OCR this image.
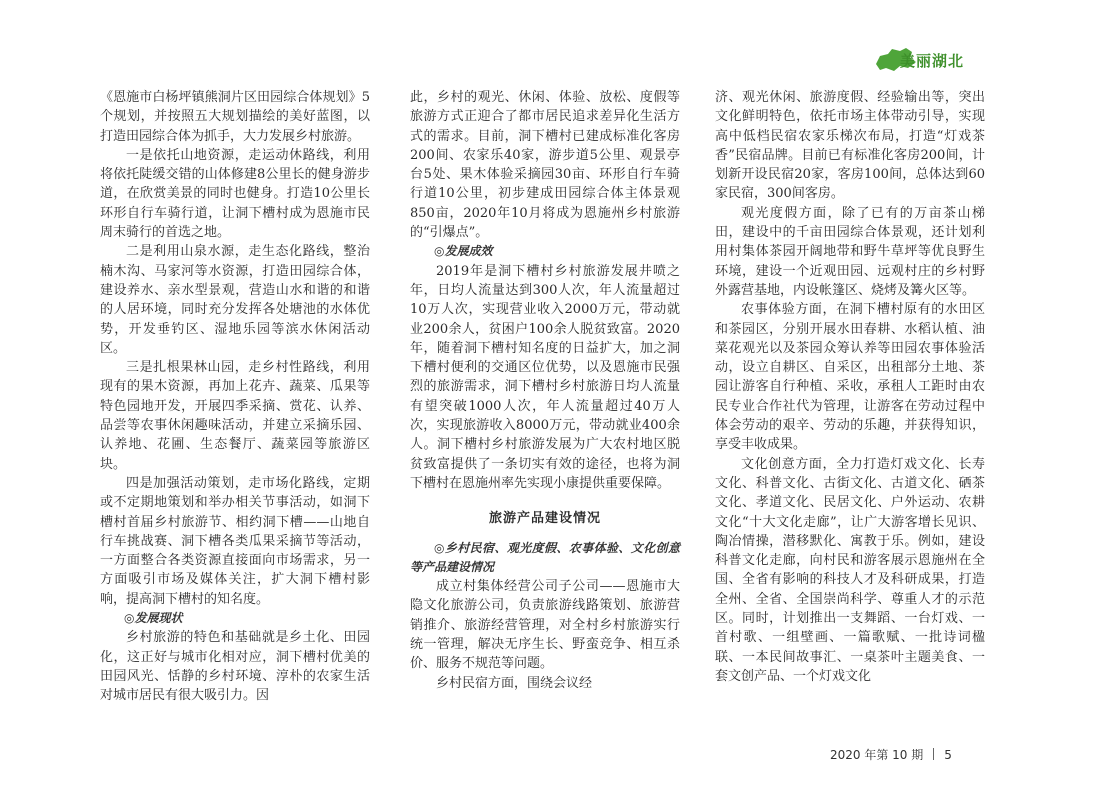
美丽湖北

《恩施市白杨坪镇熊洞片区田园综合体规划》5个规划，并按照五大规划描绘的美好蓝图，以打造田园综合体为抓手，大力发展乡村旅游。

一是依托山地资源，走运动休路线，利用将依托陡缓交错的山体修建8公里长的健身游步道，在欣赏美景的同时也健身。打造10公里长环形自行车骑行道，让洞下槽村成为恩施市民周末骑行的首选之地。

二是利用山泉水源，走生态化路线，整治楠木沟、马家河等水资源，打造田园综合体，建设养水、亲水型景观，营造山水和谐的和谐的人居环境，同时充分发挥各处塘池的水体优势，开发垂钓区、湿地乐园等滨水休闲活动区。

三是扎根果林山园，走乡村性路线，利用现有的果木资源，再加上花卉、蔬菜、瓜果等特色园地开发，开展四季采摘、赏花、认养、品尝等农事休闲趣味活动，并建立采摘乐园、认养地、花圃、生态餐厅、蔬菜园等旅游区块。

四是加强活动策划，走市场化路线，定期或不定期地策划和举办相关节事活动，如洞下槽村首届乡村旅游节、相约洞下槽——山地自行车挑战赛、洞下槽各类瓜果采摘节等活动，一方面整合各类资源直接面向市场需求，另一方面吸引市场及媒体关注，扩大洞下槽村影响，提高洞下槽村的知名度。

◎发展现状

乡村旅游的特色和基础就是乡土化、田园化，这正好与城市化相对应，洞下槽村优美的田园风光、恬静的乡村环境、淳朴的农家生活对城市居民有很大吸引力。因

此，乡村的观光、休闲、体验、放松、度假等旅游方式正迎合了都市居民追求差异化生活方式的需求。目前，洞下槽村已建成标准化客房200间、农家乐40家，游步道5公里、观景亭台5处、果木体验采摘园30亩、环形自行车骑行道10公里，初步建成田园综合体主体景观850亩，2020年10月将成为恩施州乡村旅游的“引爆点”。

◎发展成效

2019年是洞下槽村乡村旅游发展井喷之年，日均人流量达到300人次，年人流量超过10万人次，实现营业收入2000万元，带动就业200余人，贫困户100余人脱贫致富。2020年，随着洞下槽村知名度的日益扩大，加之洞下槽村便利的交通区位优势，以及恩施市民强烈的旅游需求，洞下槽村乡村旅游日均人流量有望突破1000人次，年人流量超过40万人次，实现旅游收入8000万元，带动就业400余人。洞下槽村乡村旅游发展为广大农村地区脱贫致富提供了一条切实有效的途径，也将为洞下槽村在恩施州率先实现小康提供重要保障。

旅游产品建设情况

◎乡村民宿、观光度假、农事体验、文化创意等产品建设情况

成立村集体经营公司子公司——恩施市大隐文化旅游公司，负责旅游线路策划、旅游营销推介、旅游经营管理，对全村乡村旅游实行统一管理，解决无序生长、野蛮竞争、相互杀价、服务不规范等问题。

乡村民宿方面，围绕会议经

济、观光休闲、旅游度假、经验输出等，突出文化鲜明特色，依托市场主体带动引导，实现高中低档民宿农家乐梯次布局，打造“灯戏茶香”民宿品牌。目前已有标准化客房200间，计划新开设民宿20家，客房100间，总体达到60家民宿，300间客房。

观光度假方面，除了已有的万亩茶山梯田，建设中的千亩田园综合体景观，还计划利用村集体茶园开阔地带和野牛草坪等优良野生环境，建设一个近观田园、远观村庄的乡村野外露营基地，内设帐篷区、烧烤及篝火区等。

农事体验方面，在洞下槽村原有的水田区和茶园区，分别开展水田春耕、水稻认植、油菜花观光以及茶园众筹认养等田园农事体验活动，设立自耕区、自采区，出租部分土地、茶园让游客自行种植、采收，承租人工距时由农民专业合作社代为管理，让游客在劳动过程中体会劳动的艰辛、劳动的乐趣，并获得知识，享受丰收成果。

文化创意方面，全力打造灯戏文化、长寿文化、科普文化、古街文化、古道文化、硒茶文化、孝道文化、民居文化、户外运动、农耕文化“十大文化走廊”，让广大游客增长见识、陶冶情操，潜移默化、寓教于乐。例如，建设科普文化走廊，向村民和游客展示恩施州在全国、全省有影响的科技人才及科研成果，打造全州、全省、全国崇尚科学、尊重人才的示范区。同时，计划推出一支舞蹈、一台灯戏、一首村歌、一组壁画、一篇歌赋、一批诗词楹联、一本民间故事汇、一桌茶叶主题美食、一套文创产品、一个灯戏文化

2020 年第 10 期 5
